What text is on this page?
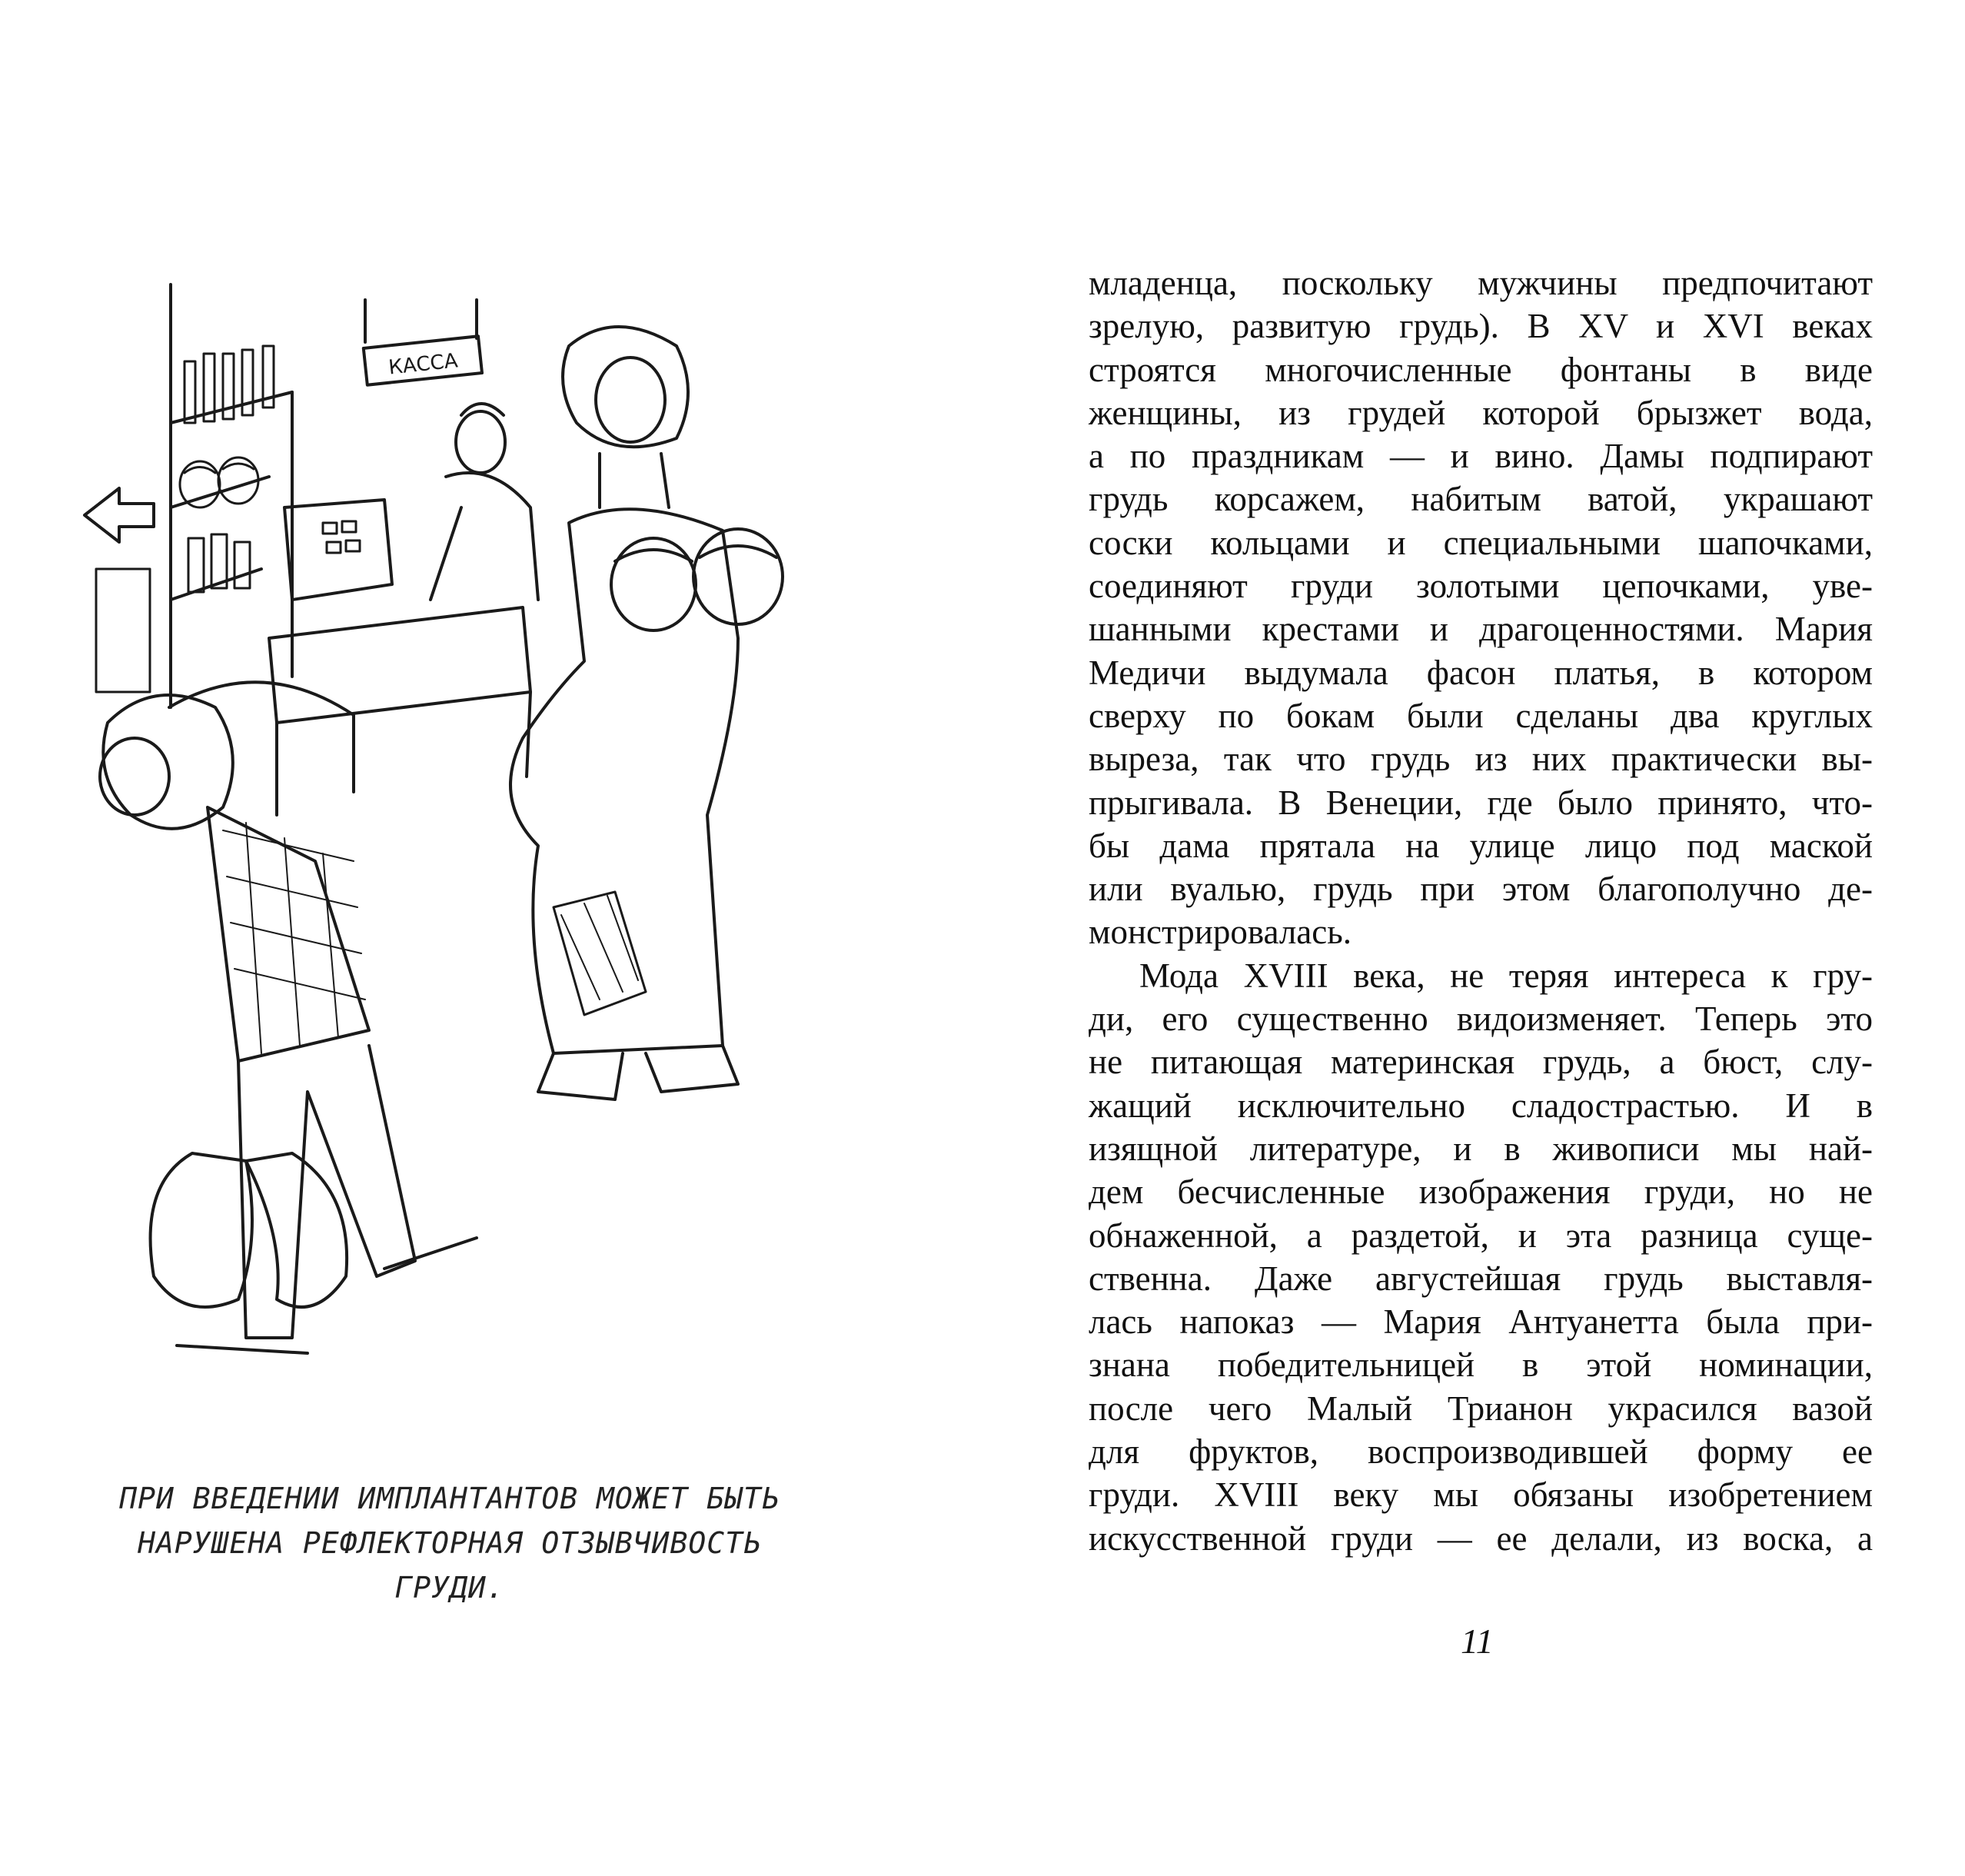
КАССА
ПРИ ВВЕДЕНИИ ИМПЛАНТАНТОВ МОЖЕТ БЫТЬ
НАРУШЕНА РЕФЛЕКТОРНАЯ ОТЗЫВЧИВОСТЬ ГРУДИ.
младенца, поскольку мужчины предпочитают
зрелую, развитую грудь). В XV и XVI веках
строятся многочисленные фонтаны в виде
женщины, из грудей которой брызжет вода,
а по праздникам — и вино. Дамы подпирают
грудь корсажем, набитым ватой, украшают
соски кольцами и специальными шапочками,
соединяют груди золотыми цепочками, уве-
шанными крестами и драгоценностями. Мария
Медичи выдумала фасон платья, в котором
сверху по бокам были сделаны два круглых
выреза, так что грудь из них практически вы-
прыгивала. В Венеции, где было принято, что-
бы дама прятала на улице лицо под маской
или вуалью, грудь при этом благополучно де-
монстрировалась.
Мода XVIII века, не теряя интереса к гру-
ди, его существенно видоизменяет. Теперь это
не питающая материнская грудь, а бюст, слу-
жащий исключительно сладострастью. И в
изящной литературе, и в живописи мы най-
дем бесчисленные изображения груди, но не
обнаженной, а раздетой, и эта разница суще-
ственна. Даже августейшая грудь выставля-
лась напоказ — Мария Антуанетта была при-
знана победительницей в этой номинации,
после чего Малый Трианон украсился вазой
для фруктов, воспроизводившей форму ее
груди. XVIII веку мы обязаны изобретением
искусственной груди — ее делали, из воска, а
11
